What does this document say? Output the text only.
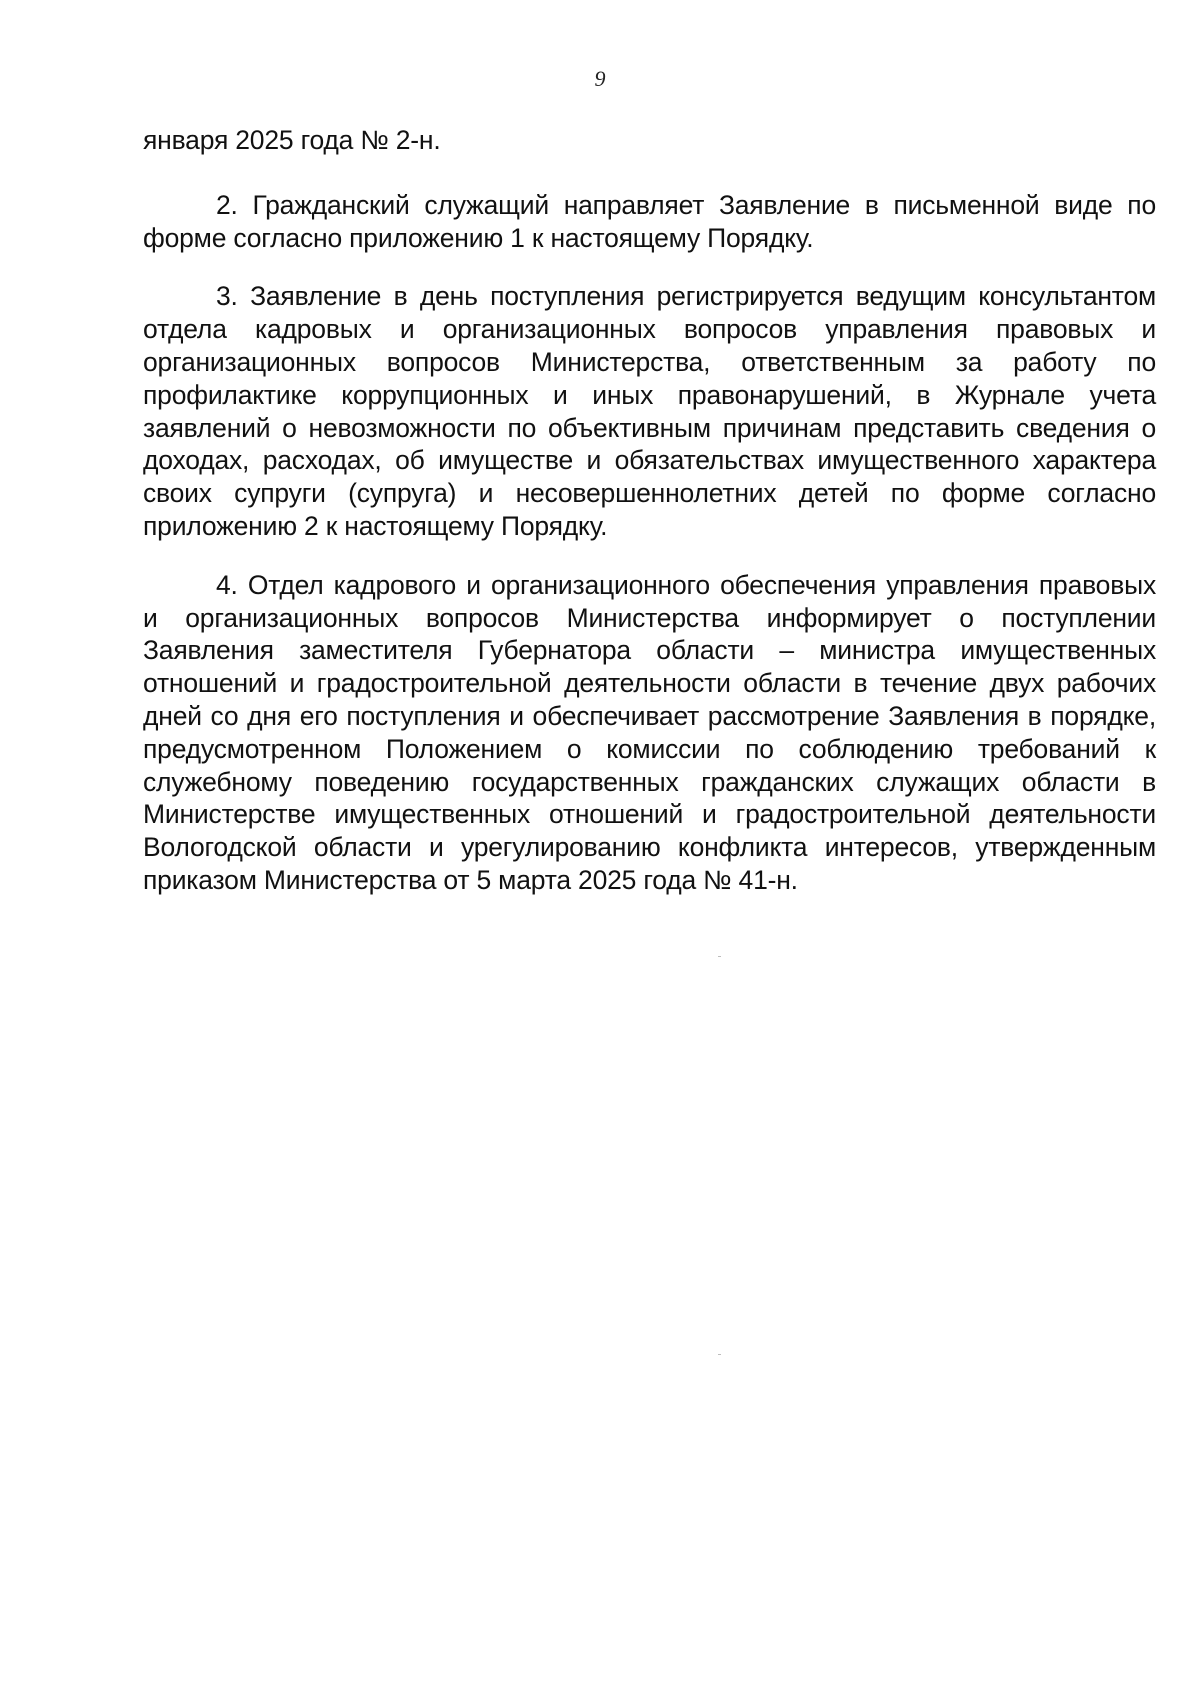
9

января 2025 года № 2-н.

2. Гражданский служащий направляет Заявление в письменной виде по форме согласно приложению 1 к настоящему Порядку.

3. Заявление в день поступления регистрируется ведущим консультантом отдела кадровых и организационных вопросов управления правовых и организационных вопросов Министерства, ответственным за работу по профилактике коррупционных и иных правонарушений, в Журнале учета заявлений о невозможности по объективным причинам представить сведения о доходах, расходах, об имуществе и обязательствах имущественного характера своих супруги (супруга) и несовершеннолетних детей по форме согласно приложению 2 к настоящему Порядку.

4. Отдел кадрового и организационного обеспечения управления правовых и организационных вопросов Министерства информирует о поступлении Заявления заместителя Губернатора области – министра имущественных отношений и градостроительной деятельности области в течение двух рабочих дней со дня его поступления и обеспечивает рассмотрение Заявления в порядке, предусмотренном Положением о комиссии по соблюдению требований к служебному поведению государственных гражданских служащих области в Министерстве имущественных отношений и градостроительной деятельности Вологодской области и урегулированию конфликта интересов, утвержденным приказом Министерства от 5 марта 2025 года № 41-н.
